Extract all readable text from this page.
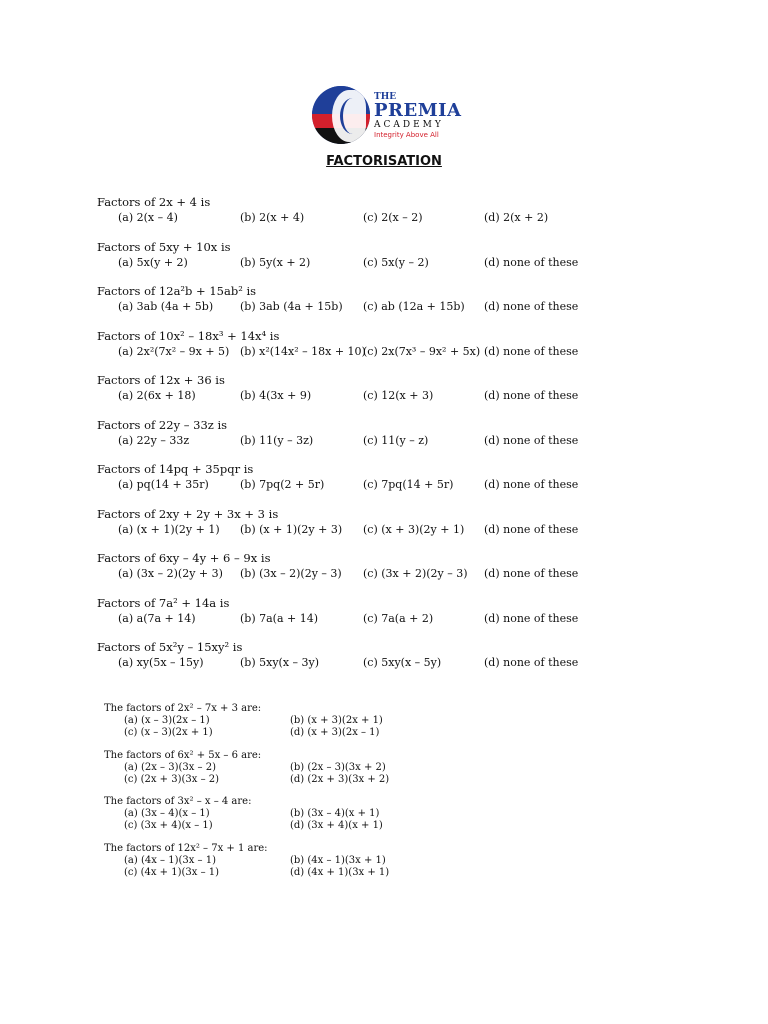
THE
PREMIA
ACADEMY
Integrity Above All
FACTORISATION
Factors of 2x + 4 is
(a) 2(x – 4)	(b) 2(x + 4)	(c) 2(x – 2)	(d) 2(x + 2)
Factors of 5xy + 10x is
(a) 5x(y + 2)	(b) 5y(x + 2)	(c) 5x(y – 2)	(d) none of these
Factors of 12a²b + 15ab² is
(a) 3ab (4a + 5b) (b) 3ab (4a + 15b) (c) ab (12a + 15b) (d) none of these
Factors of 10x² – 18x³ + 14x⁴ is
(a) 2x²(7x² – 9x + 5) (b) x²(14x² – 18x + 10)
(c) 2x(7x³ – 9x² + 5x) (d) none of these
Factors of 12x + 36 is
(a) 2(6x + 18)	(b) 4(3x + 9)	(c) 12(x + 3)	(d) none of these
Factors of 22y – 33z is
(a) 22y – 33z	(b) 11(y – 3z)	(c) 11(y – z)	(d) none of these
Factors of 14pq + 35pqr is
(a) pq(14 + 35r)	(b) 7pq(2 + 5r)	(c) 7pq(14 + 5r)	(d) none of these
Factors of 2xy + 2y + 3x + 3 is
(a) (x + 1)(2y + 1) (b) (x + 1)(2y + 3) (c) (x + 3)(2y + 1) (d) none of these
Factors of 6xy – 4y + 6 – 9x is
(a) (3x – 2)(2y + 3) (b) (3x – 2)(2y – 3) (c) (3x + 2)(2y – 3) (d) none of these
Factors of 7a² + 14a is
(a) a(7a + 14)	(b) 7a(a + 14)	(c) 7a(a + 2)	(d) none of these
Factors of 5x²y – 15xy² is
(a) xy(5x – 15y)	(b) 5xy(x – 3y)	(c) 5xy(x – 5y)	(d) none of these
The factors of 2x² – 7x + 3 are:
(a) (x – 3)(2x – 1)	(b) (x + 3)(2x + 1)
(c) (x – 3)(2x + 1)	(d) (x + 3)(2x – 1)
The factors of 6x² + 5x – 6 are:
(a) (2x – 3)(3x – 2)	(b) (2x – 3)(3x + 2)
(c) (2x + 3)(3x – 2)	(d) (2x + 3)(3x + 2)
The factors of 3x² – x – 4 are:
(a) (3x – 4)(x – 1)	(b) (3x – 4)(x + 1)
(c) (3x + 4)(x – 1)	(d) (3x + 4)(x + 1)
The factors of 12x² – 7x + 1 are:
(a) (4x – 1)(3x – 1)	(b) (4x – 1)(3x + 1)
(c) (4x + 1)(3x – 1)	(d) (4x + 1)(3x + 1)
